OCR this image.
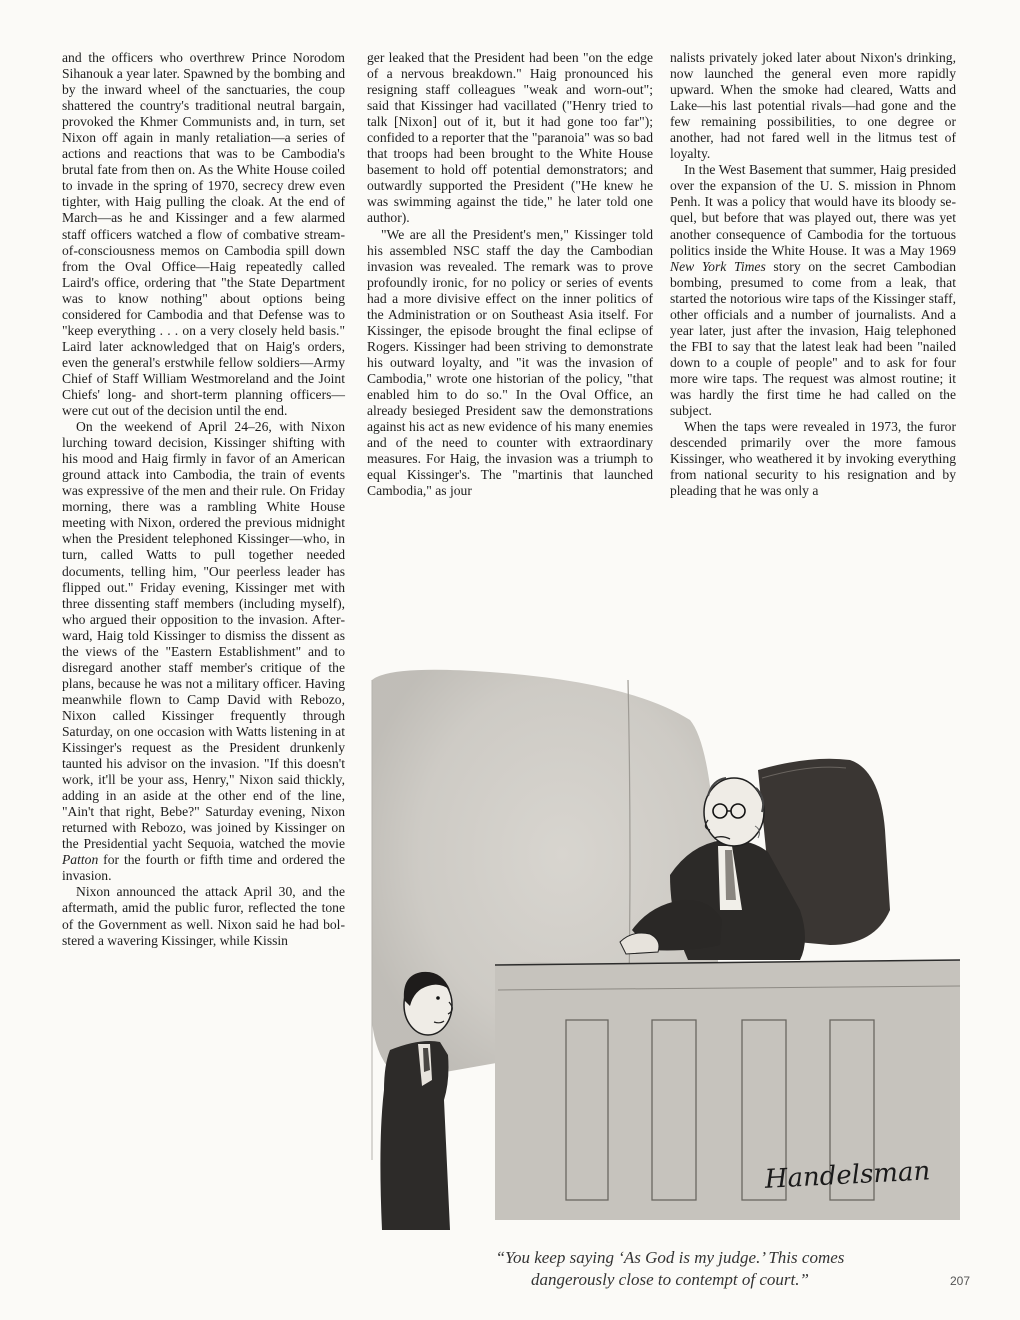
and the officers who overthrew Prince Norodom Sihanouk a year later. Spawned by the bombing and by the inward wheel of the sanctuaries, the coup shattered the country's traditional neutral bargain, provoked the Khmer Communists and, in turn, set Nixon off again in manly retaliation—a series of actions and reactions that was to be Cambodia's brutal fate from then on. As the White House coiled to invade in the spring of 1970, secrecy drew even tighter, with Haig pulling the cloak. At the end of March—as he and Kissinger and a few alarmed staff officers watched a flow of combative stream-of-consciousness memos on Cambodia spill down from the Oval Office—Haig repeatedly called Laird's office, ordering that "the State Department was to know nothing" about options being considered for Cambodia and that Defense was to "keep everything . . . on a very closely held basis." Laird later acknowledged that on Haig's orders, even the general's erstwhile fellow soldiers—Army Chief of Staff William Westmoreland and the Joint Chiefs' long- and short-term planning officers—were cut out of the decision until the end.

On the weekend of April 24–26, with Nixon lurching toward decision, Kissinger shifting with his mood and Haig firmly in favor of an American ground attack into Cambodia, the train of events was expressive of the men and their rule. On Friday morning, there was a rambling White House meeting with Nixon, ordered the previous midnight when the President telephoned Kissinger—who, in turn, called Watts to pull together needed documents, telling him, "Our peerless leader has flipped out." Friday evening, Kissinger met with three dissenting staff members (including myself), who argued their opposition to the invasion. Afterward, Haig told Kissinger to dismiss the dissent as the views of the "Eastern Establishment" and to disregard another staff member's critique of the plans, because he was not a military officer. Having meanwhile flown to Camp David with Rebozo, Nixon called Kissinger frequently through Saturday, on one occasion with Watts listening in at Kissinger's request as the President drunkenly taunted his advisor on the invasion. "If this doesn't work, it'll be your ass, Henry," Nixon said thickly, adding in an aside at the other end of the line, "Ain't that right, Bebe?" Saturday evening, Nixon returned with Rebozo, was joined by Kissinger on the Presidential yacht Sequoia, watched the movie Patton for the fourth or fifth time and ordered the invasion.

Nixon announced the attack April 30, and the aftermath, amid the public furor, reflected the tone of the Government as well. Nixon said he had bolstered a wavering Kissinger, while Kissin

ger leaked that the President had been "on the edge of a nervous breakdown." Haig pronounced his resigning staff colleagues "weak and worn-out"; said that Kissinger had vacillated ("Henry tried to talk [Nixon] out of it, but it had gone too far"); confided to a reporter that the "paranoia" was so bad that troops had been brought to the White House basement to hold off potential demonstrators; and outwardly supported the President ("He knew he was swimming against the tide," he later told one author).

"We are all the President's men," Kissinger told his assembled NSC staff the day the Cambodian invasion was revealed. The remark was to prove profoundly ironic, for no policy or series of events had a more divisive effect on the inner politics of the Administration or on Southeast Asia itself. For Kissinger, the episode brought the final eclipse of Rogers. Kissinger had been striving to demonstrate his outward loyalty, and "it was the invasion of Cambodia," wrote one historian of the policy, "that enabled him to do so." In the Oval Office, an already besieged President saw the demonstrations against his act as new evidence of his many enemies and of the need to counter with extraordinary measures. For Haig, the invasion was a triumph to equal Kissinger's. The "martinis that launched Cambodia," as jour

nalists privately joked later about Nixon's drinking, now launched the general even more rapidly upward. When the smoke had cleared, Watts and Lake—his last potential rivals—had gone and the few remaining possibilities, to one degree or another, had not fared well in the litmus test of loyalty.

In the West Basement that summer, Haig presided over the expansion of the U. S. mission in Phnom Penh. It was a policy that would have its bloody sequel, but before that was played out, there was yet another consequence of Cambodia for the tortuous politics inside the White House. It was a May 1969 New York Times story on the secret Cambodian bombing, presumed to come from a leak, that started the notorious wire taps of the Kissinger staff, other officials and a number of journalists. And a year later, just after the invasion, Haig telephoned the FBI to say that the latest leak had been "nailed down to a couple of people" and to ask for four more wire taps. The request was almost routine; it was hardly the first time he had called on the subject.

When the taps were revealed in 1973, the furor descended primarily over the more famous Kissinger, who weathered it by invoking everything from national security to his resignation and by pleading that he was only a

Handelsman
“You keep saying ‘As God is my judge.’ This comes
dangerously close to contempt of court.”	207
